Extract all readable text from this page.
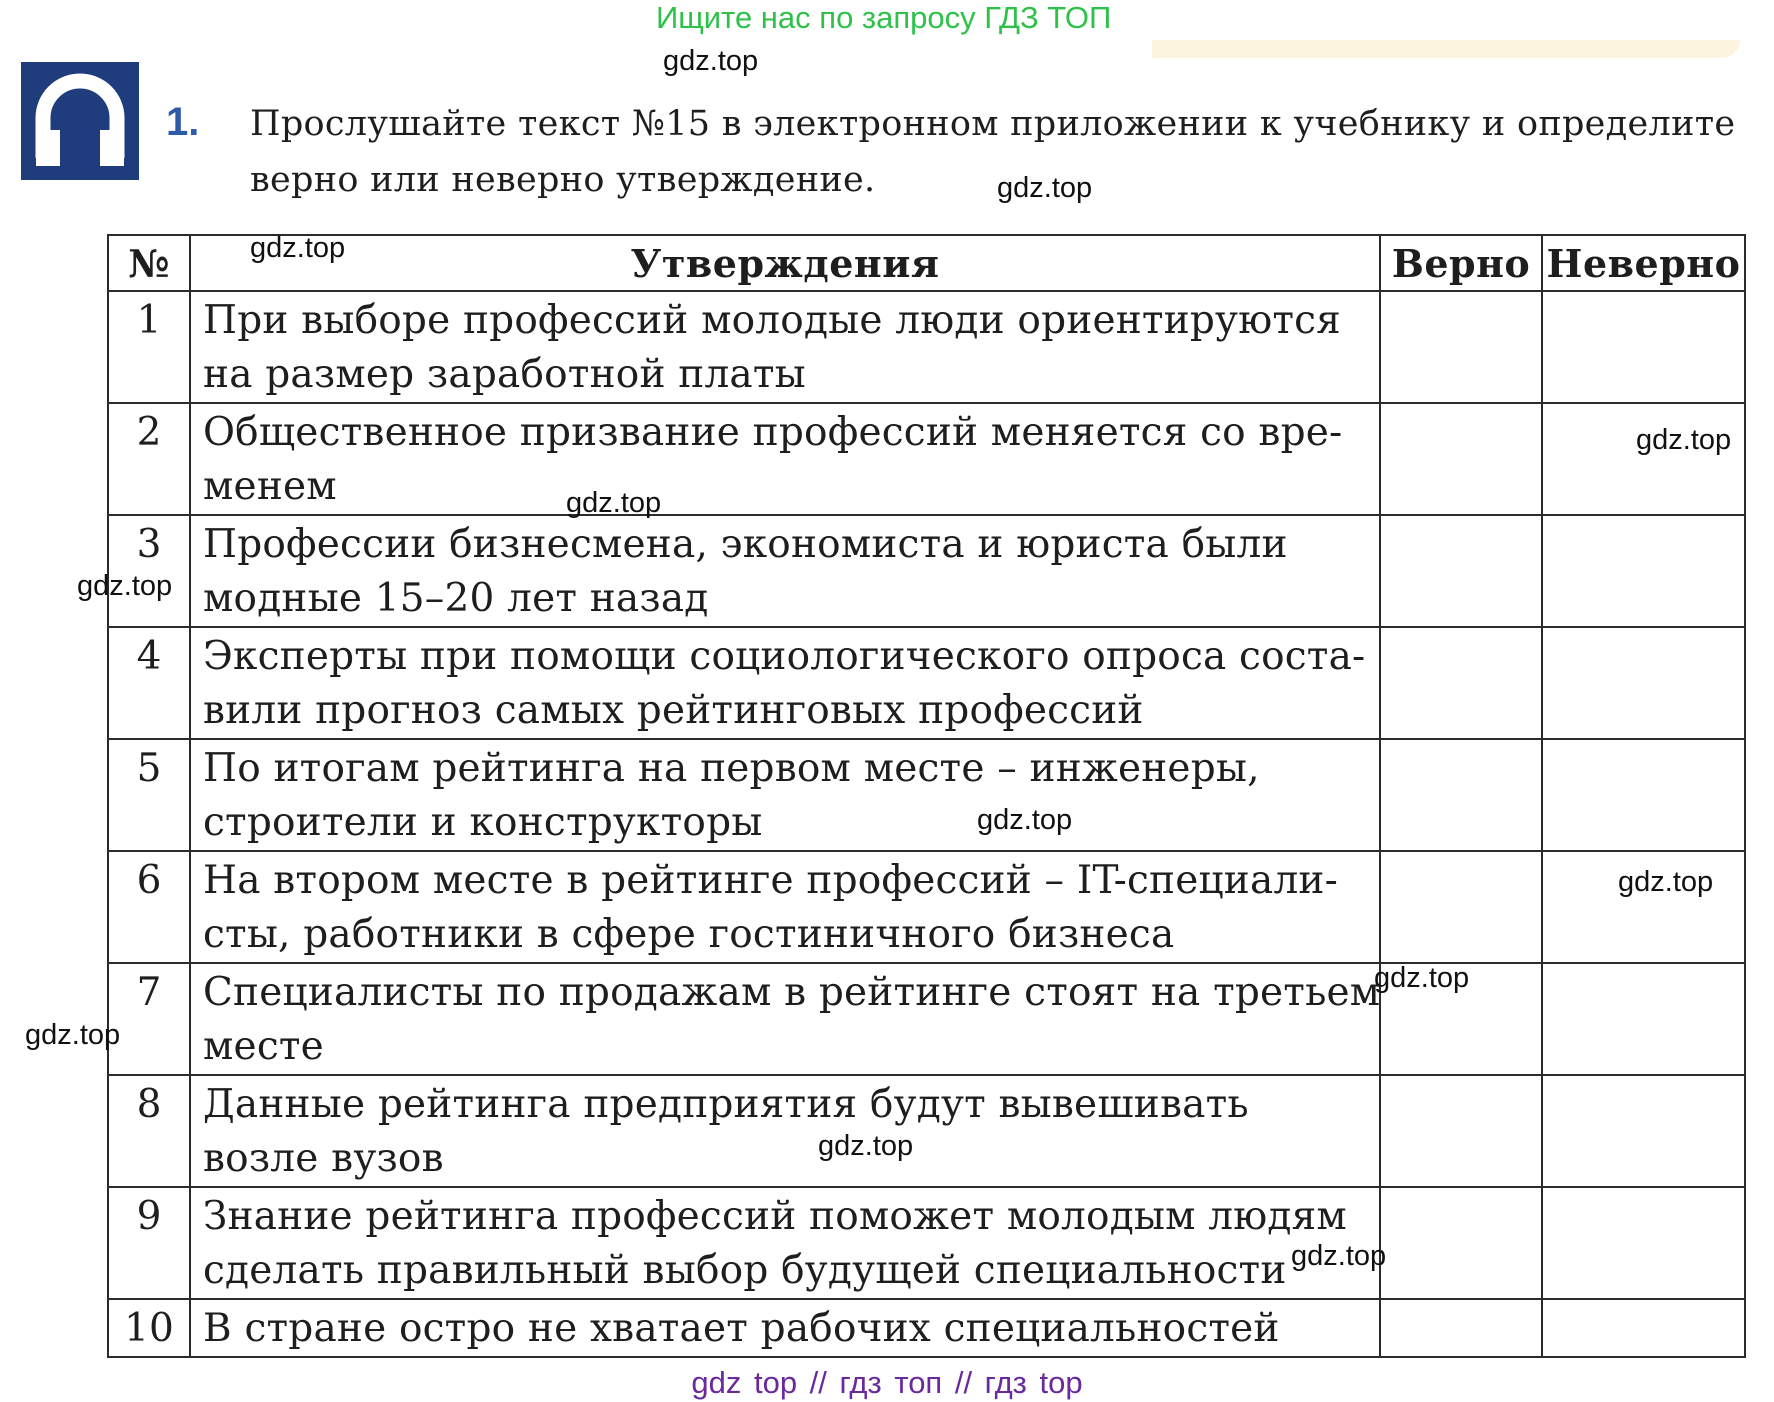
Ищите нас по запросу ГДЗ ТОП
1. Прослушайте текст №15 в электронном приложении к учебнику и определите
верно или неверно утверждение.
№	Утверждения	Верно	Неверно
1	При выборе профессий молодые люди ориентируются
на размер заработной платы		

2	Общественное призвание профессий меняется со вре-
менем		

3	Профессии бизнесмена, экономиста и юриста были
модные 15–20 лет назад		

4	Эксперты при помощи социологического опроса соста-
вили прогноз самых рейтинговых профессий		

5	По итогам рейтинга на первом месте – инженеры,
строители и конструкторы		

6	На втором месте в рейтинге профессий – IT-специали-
сты, работники в сфере гостиничного бизнеса		

7	Специалисты по продажам в рейтинге стоят на третьем
месте		

8	Данные рейтинга предприятия будут вывешивать
возле вузов		

9	Знание рейтинга профессий поможет молодым людям
сделать правильный выбор будущей специальности		

10	В стране остро не хватает рабочих специальностей		

gdz.top
gdz.top
gdz.top
gdz.top
gdz.top
gdz.top
gdz.top
gdz.top
gdz.top
gdz.top
gdz.top
gdz.top
gdz top // гдз топ // гдз top
